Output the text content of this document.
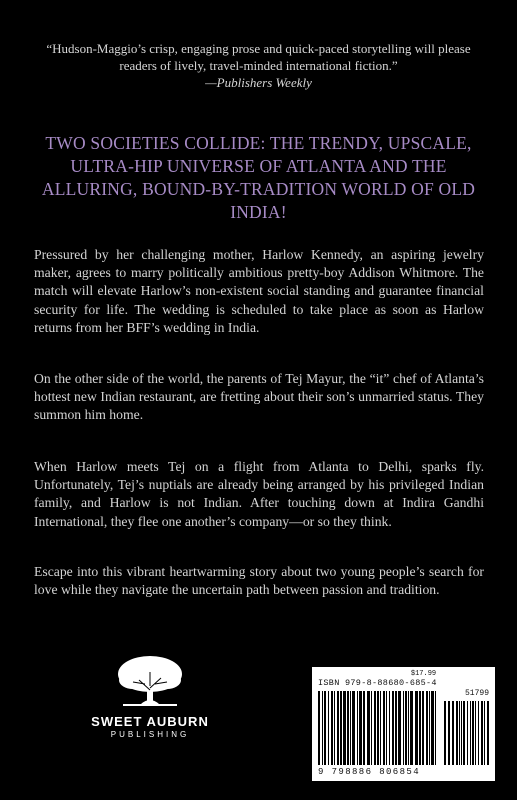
“Hudson-Maggio’s crisp, engaging prose and quick-paced storytelling will please readers of lively, travel-minded international fiction.”
—Publishers Weekly
TWO SOCIETIES COLLIDE: THE TRENDY, UPSCALE, ULTRA-HIP UNIVERSE OF ATLANTA AND THE ALLURING, BOUND-BY-TRADITION WORLD OF OLD INDIA!

Pressured by her challenging mother, Harlow Kennedy, an aspiring jewelry maker, agrees to marry politically ambitious pretty-boy Addison Whitmore. The match will elevate Harlow’s non-existent social standing and guarantee financial security for life. The wedding is scheduled to take place as soon as Harlow returns from her BFF’s wedding in India.

On the other side of the world, the parents of Tej Mayur, the “it” chef of Atlanta’s hottest new Indian restaurant, are fretting about their son’s unmarried status. They summon him home.

When Harlow meets Tej on a flight from Atlanta to Delhi, sparks fly. Unfortunately, Tej’s nuptials are already being arranged by his privileged Indian family, and Harlow is not Indian. After touching down at Indira Gandhi International, they flee one another’s company—or so they think.

Escape into this vibrant heartwarming story about two young people’s search for love while they navigate the uncertain path between passion and tradition.

SWEET AUBURN
PUBLISHING
$17.99
ISBN 979-8-88680-685-4
51799
9 798886 806854
